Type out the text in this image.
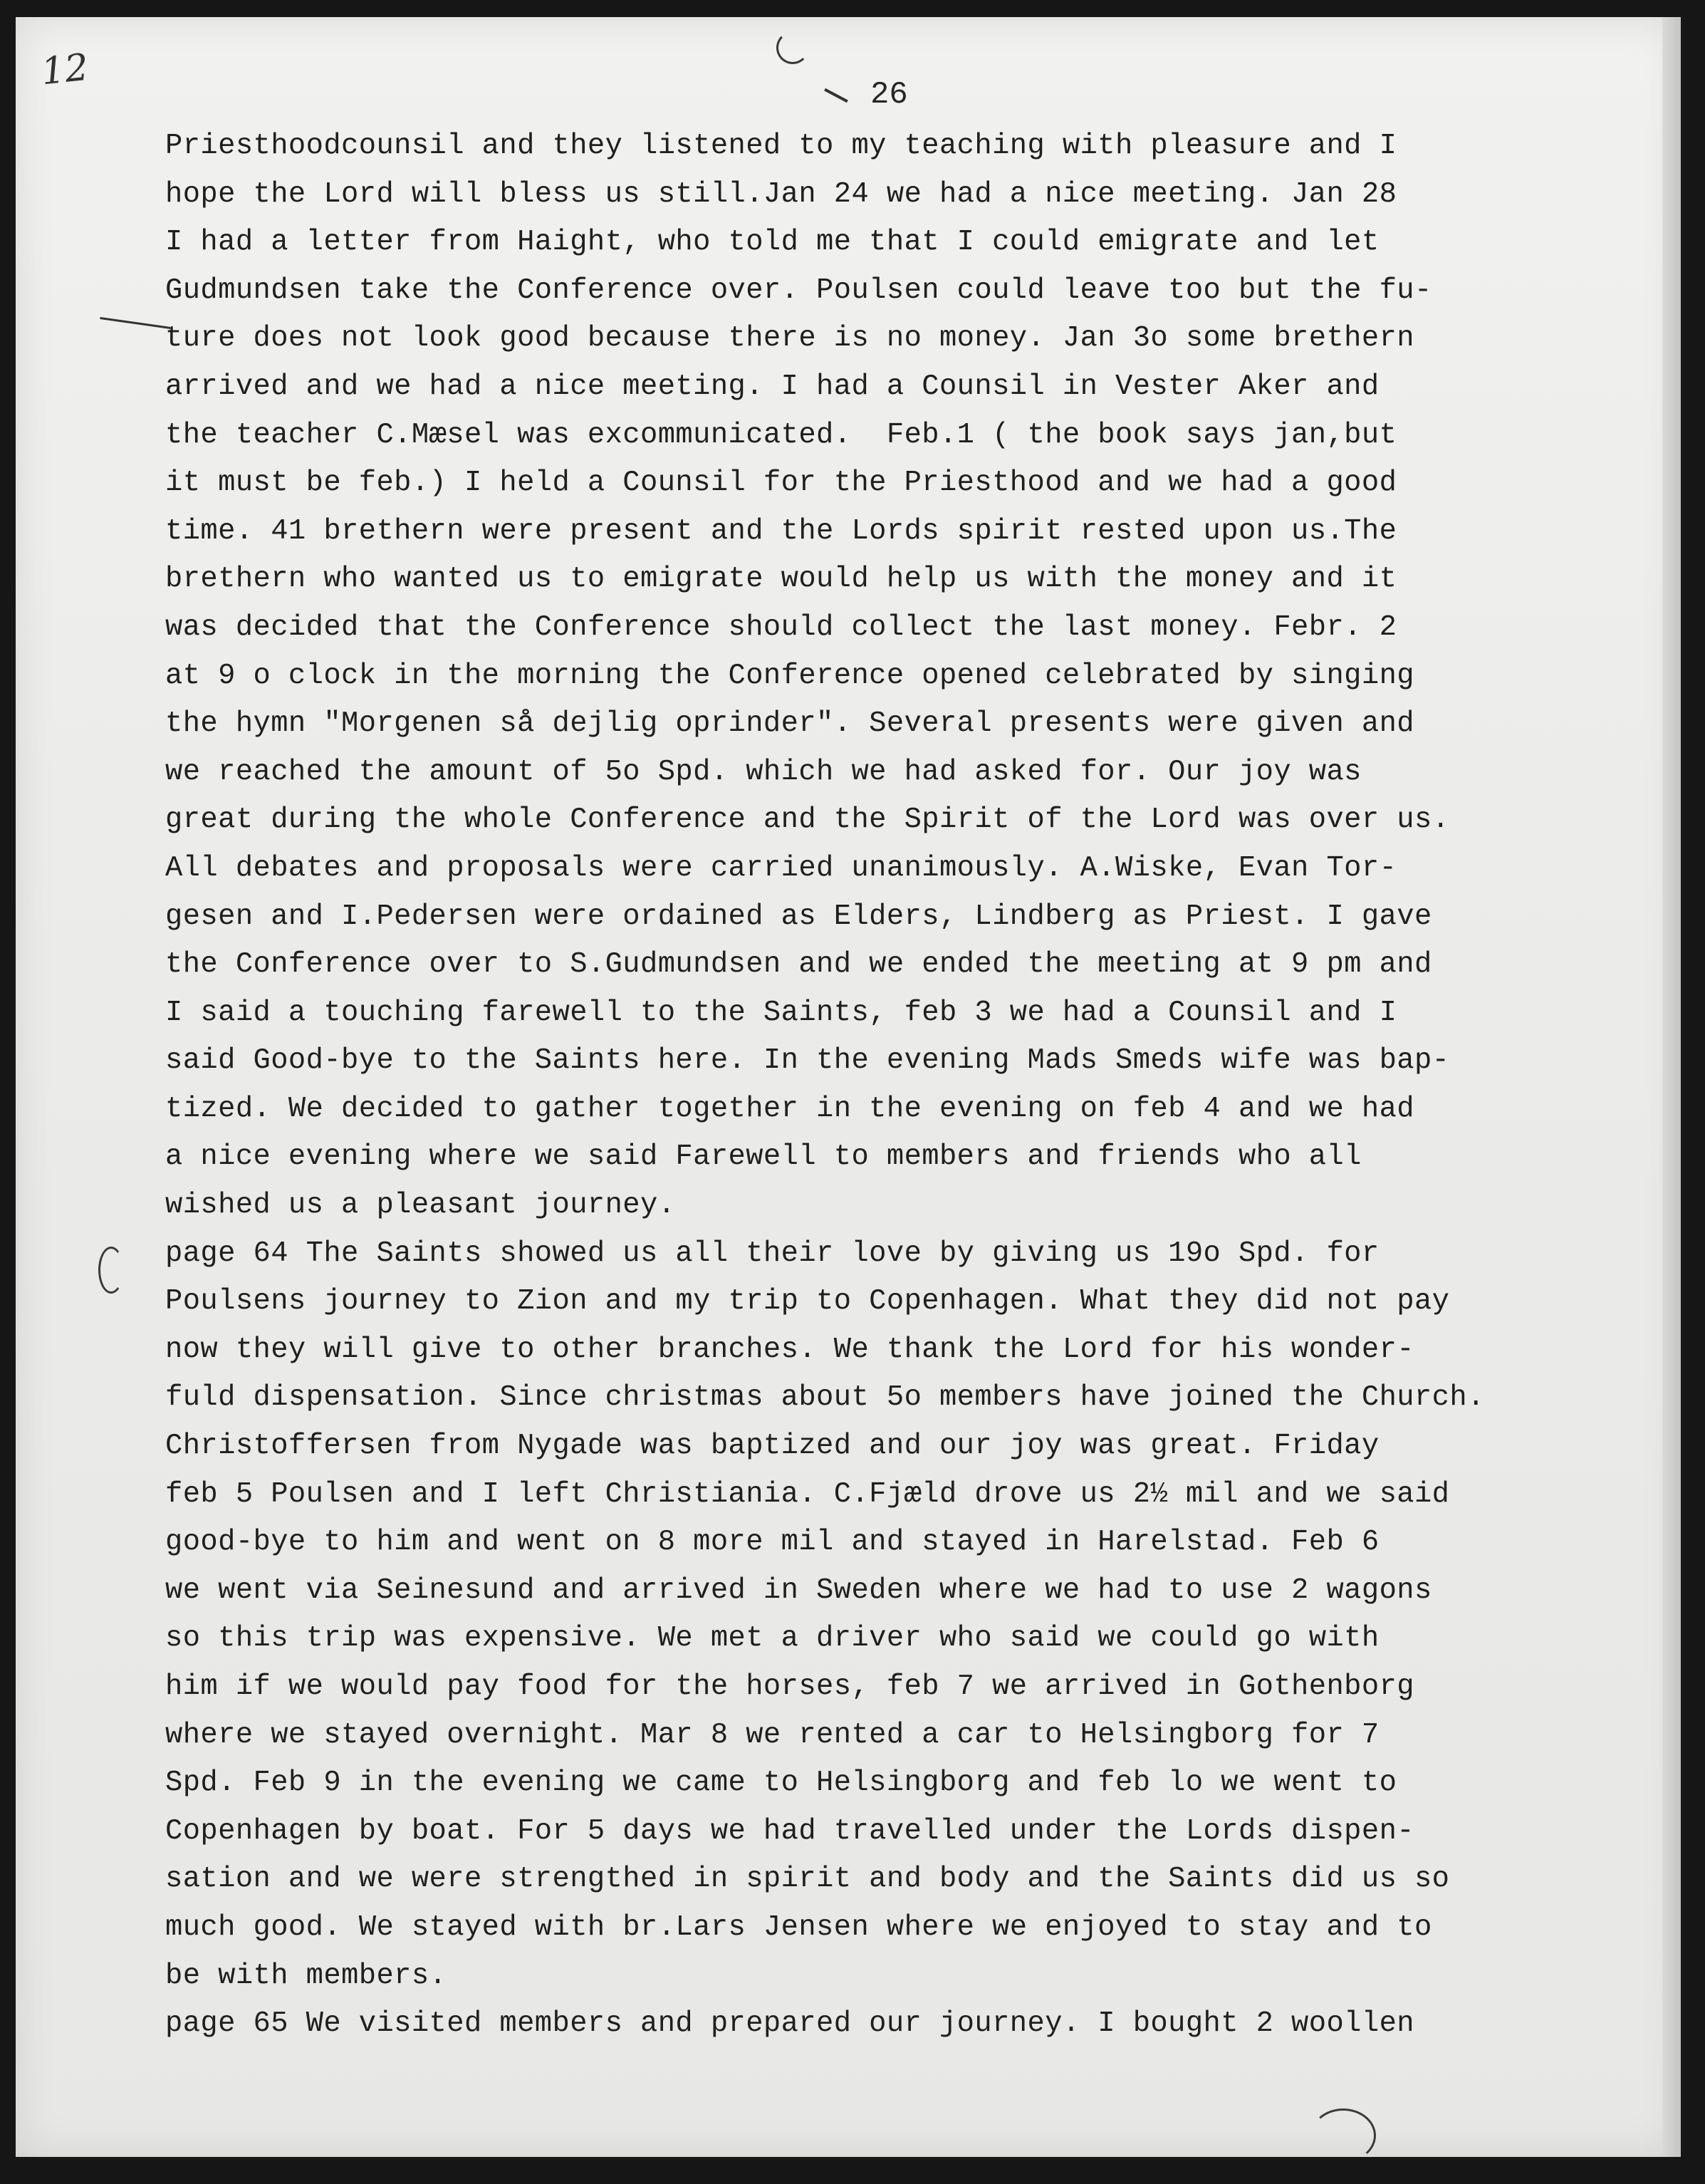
12
26
Priesthoodcounsil and they listened to my teaching with pleasure and I
hope the Lord will bless us still.Jan 24 we had a nice meeting. Jan 28
I had a letter from Haight, who told me that I could emigrate and let
Gudmundsen take the Conference over. Poulsen could leave too but the fu-
ture does not look good because there is no money. Jan 3o some brethern
arrived and we had a nice meeting. I had a Counsil in Vester Aker and
the teacher C.Mæsel was excommunicated.  Feb.1 ( the book says jan,but
it must be feb.) I held a Counsil for the Priesthood and we had a good
time. 41 brethern were present and the Lords spirit rested upon us.The
brethern who wanted us to emigrate would help us with the money and it
was decided that the Conference should collect the last money. Febr. 2
at 9 o clock in the morning the Conference opened celebrated by singing
the hymn "Morgenen så dejlig oprinder". Several presents were given and
we reached the amount of 5o Spd. which we had asked for. Our joy was
great during the whole Conference and the Spirit of the Lord was over us.
All debates and proposals were carried unanimously. A.Wiske, Evan Tor-
gesen and I.Pedersen were ordained as Elders, Lindberg as Priest. I gave
the Conference over to S.Gudmundsen and we ended the meeting at 9 pm and
I said a touching farewell to the Saints, feb 3 we had a Counsil and I
said Good-bye to the Saints here. In the evening Mads Smeds wife was bap-
tized. We decided to gather together in the evening on feb 4 and we had
a nice evening where we said Farewell to members and friends who all
wished us a pleasant journey.
page 64 The Saints showed us all their love by giving us 19o Spd. for
Poulsens journey to Zion and my trip to Copenhagen. What they did not pay
now they will give to other branches. We thank the Lord for his wonder-
fuld dispensation. Since christmas about 5o members have joined the Church.
Christoffersen from Nygade was baptized and our joy was great. Friday
feb 5 Poulsen and I left Christiania. C.Fjæld drove us 2½ mil and we said
good-bye to him and went on 8 more mil and stayed in Harelstad. Feb 6
we went via Seinesund and arrived in Sweden where we had to use 2 wagons
so this trip was expensive. We met a driver who said we could go with
him if we would pay food for the horses, feb 7 we arrived in Gothenborg
where we stayed overnight. Mar 8 we rented a car to Helsingborg for 7
Spd. Feb 9 in the evening we came to Helsingborg and feb lo we went to
Copenhagen by boat. For 5 days we had travelled under the Lords dispen-
sation and we were strengthed in spirit and body and the Saints did us so
much good. We stayed with br.Lars Jensen where we enjoyed to stay and to
be with members.
page 65 We visited members and prepared our journey. I bought 2 woollen
